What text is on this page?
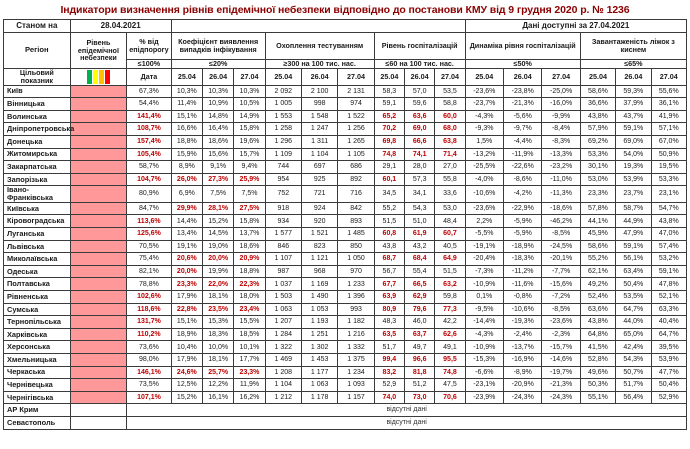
Індикатори визначення рівнів епідемічної небезпеки відповідно до постанови КМУ від 9 грудня 2020 р. № 1236
Станом на	28.04.2021											Дані доступні за 27.04.2021					
Регіон	Рівень епідемічної небезпеки	% від епідпорогу	Коефіцієнт виявлення випадків інфікування			Охоплення тестуванням			Рівень госпіталізацій			Динаміка рівня госпіталізацій			Завантаженість ліжок з киснем		
		≤100%	≤20%			≥300 на 100 тис. нас.			≤60 на 100 тис. нас.			≤50%			≤65%		
Цільовий показник		Дата	25.04	26.04	27.04	25.04	26.04	27.04	25.04	26.04	27.04	25.04	26.04	27.04	25.04	26.04	27.04
Київ		67,3%	10,3%	10,3%	10,3%	2 092	2 100	2 131	58,3	57,0	53,5	-23,6%	-23,8%	-25,0%	58,6%	59,3%	55,6%
Вінницька		54,4%	11,4%	10,9%	10,5%	1 005	998	974	59,1	59,6	58,8	-23,7%	-21,3%	-16,0%	36,6%	37,9%	36,1%
Волинська		141,4%	15,1%	14,8%	14,9%	1 553	1 548	1 522	65,2	63,6	60,0	-4,3%	-5,6%	-9,9%	43,8%	43,7%	41,9%
Дніпропетровська		108,7%	16,6%	16,4%	15,8%	1 258	1 247	1 256	70,2	69,0	68,0	-9,3%	-9,7%	-8,4%	57,9%	59,1%	57,1%
Донецька		157,4%	18,8%	18,6%	19,6%	1 296	1 311	1 265	69,8	66,6	63,8	1,5%	-4,4%	-8,3%	69,2%	69,0%	67,0%
Житомирська		105,4%	15,9%	15,6%	15,7%	1 109	1 104	1 105	74,8	74,1	71,4	-13,2%	-11,9%	-13,3%	53,3%	54,0%	50,9%
Закарпатська		58,7%	8,9%	9,1%	9,4%	744	697	686	29,1	28,0	27,0	-25,5%	-22,6%	-23,2%	30,1%	19,3%	19,5%
Запорізька		104,7%	26,0%	27,3%	25,9%	954	925	892	60,1	57,3	55,8	-4,0%	-8,6%	-11,0%	53,0%	53,9%	53,3%
Івано-Франківська		80,9%	6,9%	7,5%	7,5%	752	721	716	34,5	34,1	33,6	-10,6%	-4,2%	-11,3%	23,3%	23,7%	23,1%
Київська		84,7%	29,9%	28,1%	27,5%	918	924	842	55,2	54,3	53,0	-23,6%	-22,9%	-18,6%	57,8%	58,7%	54,7%
Кіровоградська		113,6%	14,4%	15,2%	15,8%	934	920	893	51,5	51,0	48,4	2,2%	-5,9%	-46,2%	44,1%	44,9%	43,8%
Луганська		125,6%	13,4%	14,5%	13,7%	1 577	1 521	1 485	60,8	61,9	60,7	-5,5%	-5,9%	-8,5%	45,9%	47,9%	47,0%
Львівська		70,5%	19,1%	19,0%	18,6%	846	823	850	43,8	43,2	40,5	-19,1%	-18,9%	-24,5%	58,6%	59,1%	57,4%
Миколаївська		75,4%	20,6%	20,0%	20,9%	1 107	1 121	1 050	68,7	68,4	64,9	-20,4%	-18,3%	-20,1%	55,2%	56,1%	53,2%
Одеська		82,1%	20,0%	19,9%	18,8%	987	968	970	56,7	55,4	51,5	-7,3%	-11,2%	-7,7%	62,1%	63,4%	59,1%
Полтавська		78,8%	23,3%	22,0%	22,3%	1 037	1 169	1 233	67,7	66,5	63,2	-10,9%	-11,6%	-15,6%	49,2%	50,4%	47,8%
Рівненська		102,6%	17,9%	18,1%	18,0%	1 503	1 490	1 396	63,9	62,9	59,8	0,1%	-0,8%	-7,2%	52,4%	53,5%	52,1%
Сумська		118,6%	22,8%	23,5%	23,4%	1 063	1 053	993	80,9	79,6	77,3	-9,5%	-10,6%	-8,5%	63,6%	64,7%	63,3%
Тернопільська		131,7%	15,1%	15,3%	15,5%	1 207	1 193	1 182	48,3	46,0	42,2	-14,4%	-19,3%	-23,6%	43,8%	44,0%	40,4%
Харківська		110,2%	18,9%	18,3%	18,5%	1 284	1 251	1 216	63,5	63,7	62,6	-4,3%	-2,4%	-2,3%	64,8%	65,0%	64,7%
Херсонська		73,6%	10,4%	10,0%	10,1%	1 322	1 302	1 332	51,7	49,7	49,1	-10,9%	-13,7%	-15,7%	41,5%	42,4%	39,5%
Хмельницька		98,0%	17,9%	18,1%	17,7%	1 469	1 453	1 375	99,4	96,6	95,5	-15,3%	-16,9%	-14,6%	52,8%	54,3%	53,9%
Черкаська		146,1%	24,6%	25,7%	23,3%	1 208	1 177	1 234	83,2	81,8	74,8	-6,6%	-8,9%	-19,7%	49,6%	50,7%	47,7%
Чернівецька		73,5%	12,5%	12,2%	11,9%	1 104	1 063	1 093	52,9	51,2	47,5	-23,1%	-20,9%	-21,3%	50,3%	51,7%	50,4%
Чернігівська		107,1%	15,2%	16,1%	16,2%	1 212	1 178	1 157	74,0	73,0	70,6	-23,9%	-24,3%	-24,3%	55,1%	56,4%	52,9%
АР Крим		відсутні дані															
Севастополь		відсутні дані															
